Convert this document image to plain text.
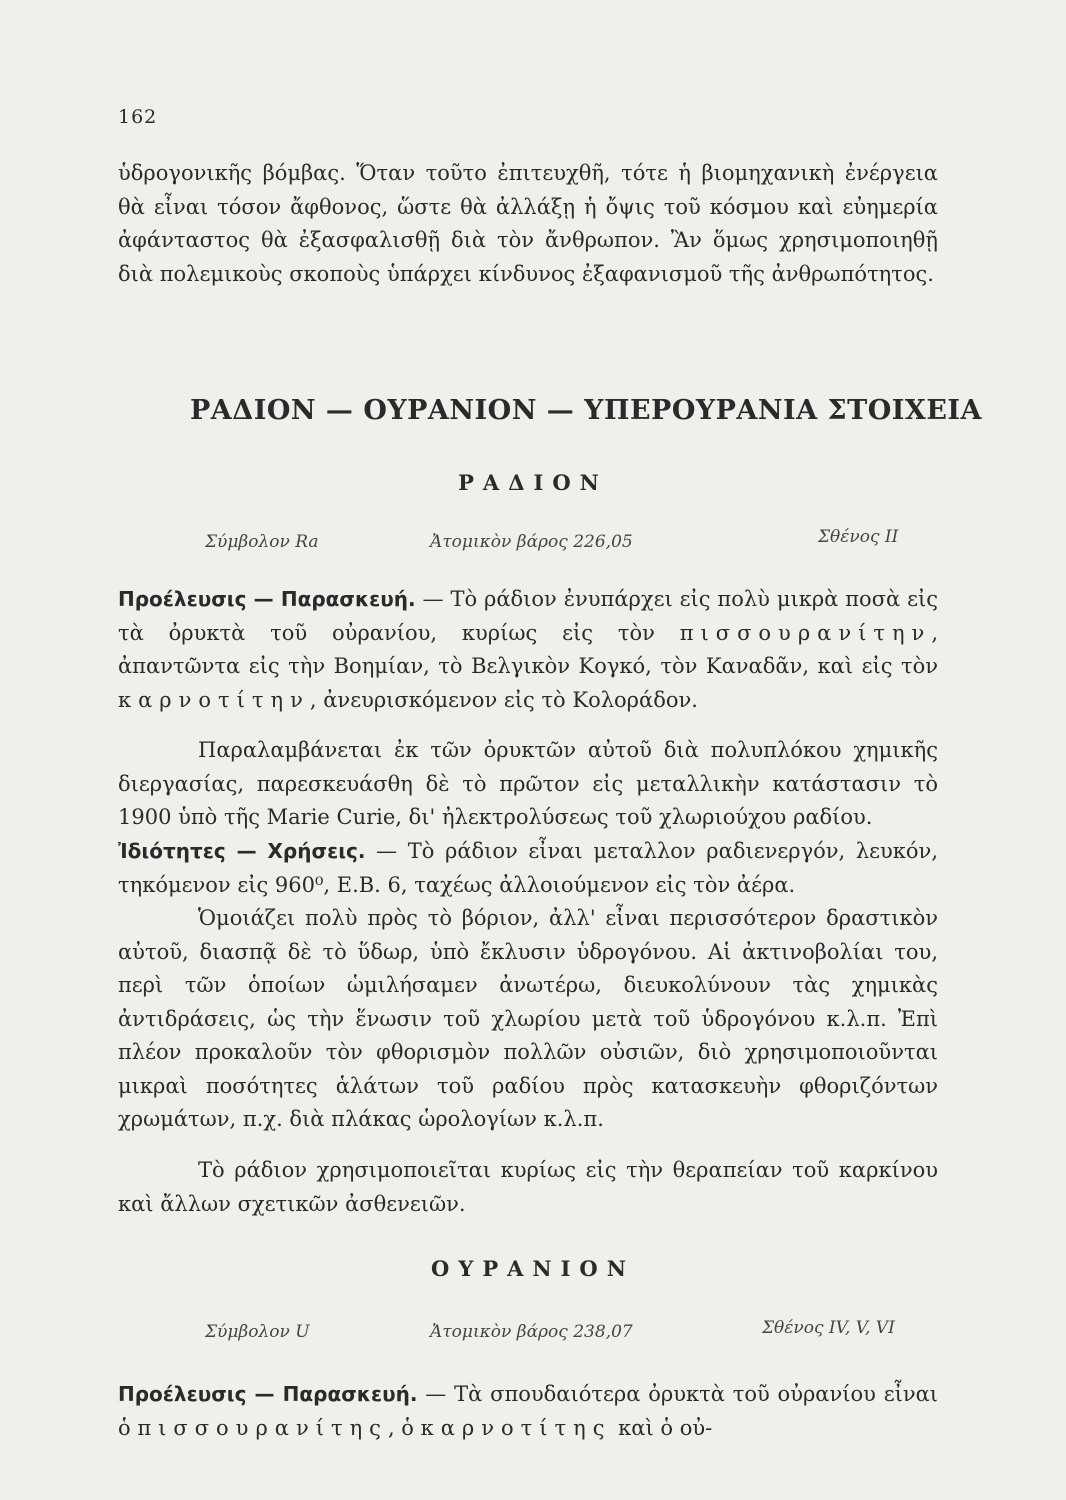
162

ὑδρογονικῆς βόμβας. Ὅταν τοῦτο ἐπιτευχθῆ, τότε ἡ βιομηχανικὴ ἐνέργεια θὰ εἶναι τόσον ἄφθονος, ὥστε θὰ ἀλλάξῃ ἡ ὄψις τοῦ κόσμου καὶ εὐημερία ἀφάνταστος θὰ ἐξασφαλισθῇ διὰ τὸν ἄνθρωπον. Ἂν ὅμως χρησιμοποιηθῇ διὰ πολεμικοὺς σκοποὺς ὑπάρχει κίνδυνος ἐξαφανισμοῦ τῆς ἀνθρωπότητος.

ΡΑΔΙΟΝ — ΟΥΡΑΝΙΟΝ — ΥΠΕΡΟΥΡΑΝΙΑ ΣΤΟΙΧΕΙΑ
ΡΑΔΙΟΝ
Σύμβολον Ra	Ἀτομικὸν βάρος 226,05	Σθένος II

Προέλευσις — Παρασκευή. — Τὸ ράδιον ἐνυπάρχει εἰς πολὺ μικρὰ ποσὰ εἰς τὰ ὀρυκτὰ τοῦ οὐρανίου, κυρίως εἰς τὸν πισσουρανίτην, ἀπαντῶντα εἰς τὴν Βοημίαν, τὸ Βελγικὸν Κογκό, τὸν Καναδᾶν, καὶ εἰς τὸν καρνοτίτην, ἀνευρισκόμενον εἰς τὸ Κολοράδον.

Παραλαμβάνεται ἐκ τῶν ὀρυκτῶν αὐτοῦ διὰ πολυπλόκου χημικῆς διεργασίας, παρεσκευάσθη δὲ τὸ πρῶτον εἰς μεταλλικὴν κατάστασιν τὸ 1900 ὑπὸ τῆς Marie Curie, δι' ἠλεκτρολύσεως τοῦ χλωριούχου ραδίου.

Ἰδιότητες — Χρήσεις. — Τὸ ράδιον εἶναι μεταλλον ραδιενεργόν, λευκόν, τηκόμενον εἰς 960⁰, Ε.Β. 6, ταχέως ἀλλοιούμενον εἰς τὸν ἀέρα.

Ὁμοιάζει πολὺ πρὸς τὸ βόριον, ἀλλ' εἶναι περισσότερον δραστικὸν αὐτοῦ, διασπᾷ δὲ τὸ ὕδωρ, ὑπὸ ἔκλυσιν ὑδρογόνου. Αἱ ἀκτινοβολίαι του, περὶ τῶν ὁποίων ὡμιλήσαμεν ἀνωτέρω, διευκολύνουν τὰς χημικὰς ἀντιδράσεις, ὡς τὴν ἕνωσιν τοῦ χλωρίου μετὰ τοῦ ὑδρογόνου κ.λ.π. Ἐπὶ πλέον προκαλοῦν τὸν φθορισμὸν πολλῶν οὐσιῶν, διὸ χρησιμοποιοῦνται μικραὶ ποσότητες ἁλάτων τοῦ ραδίου πρὸς κατασκευὴν φθοριζόντων χρωμάτων, π.χ. διὰ πλάκας ὡρολογίων κ.λ.π.

Τὸ ράδιον χρησιμοποιεῖται κυρίως εἰς τὴν θεραπείαν τοῦ καρκίνου καὶ ἄλλων σχετικῶν ἀσθενειῶν.

ΟΥΡΑΝΙΟΝ
Σύμβολον U	Ἀτομικὸν βάρος 238,07	Σθένος IV, V, VI

Προέλευσις — Παρασκευή. — Τὰ σπουδαιότερα ὀρυκτὰ τοῦ οὐρανίου εἶναι ὁ πισσουρανίτης, ὁ καρνοτίτης καὶ ὁ οὐ-
